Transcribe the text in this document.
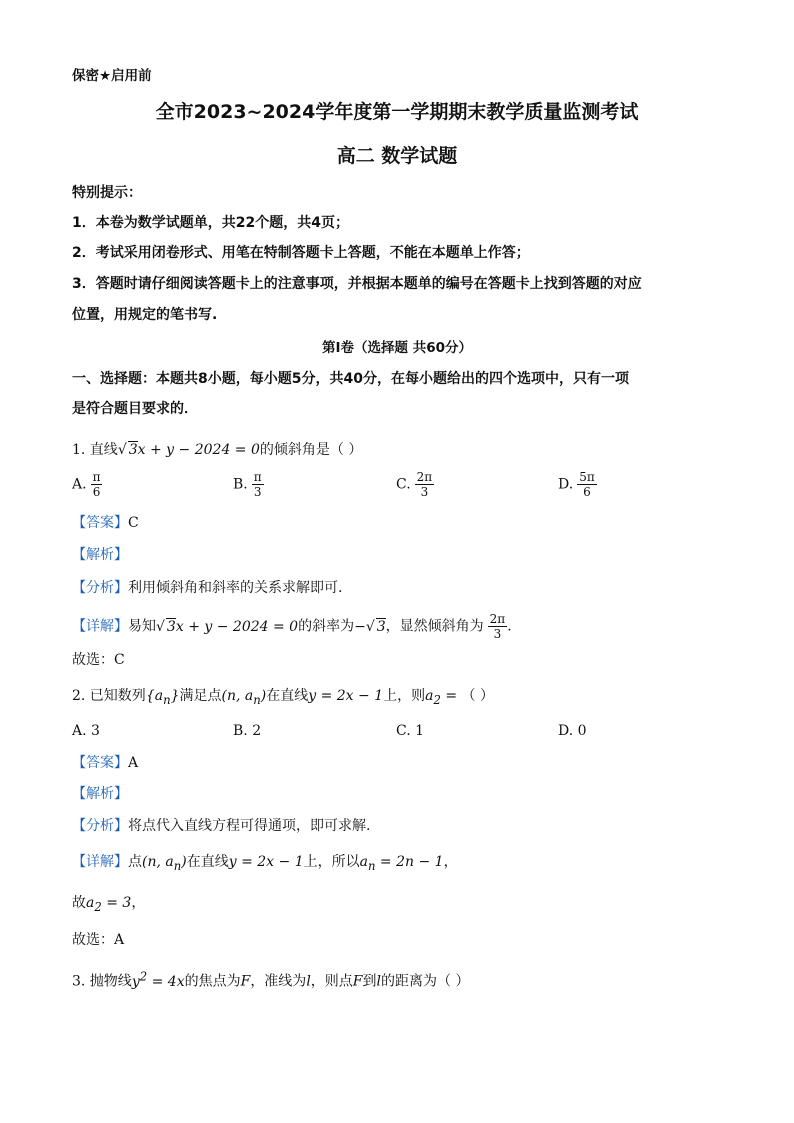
保密★启用前
全市2023~2024学年度第一学期期末教学质量监测考试
高二 数学试题
特别提示：
1．本卷为数学试题单，共22个题，共4页；
2．考试采用闭卷形式、用笔在特制答题卡上答题，不能在本题单上作答；
3．答题时请仔细阅读答题卡上的注意事项，并根据本题单的编号在答题卡上找到答题的对应
位置，用规定的笔书写.
第Ⅰ卷（选择题 共60分）
一、选择题：本题共8小题，每小题5分，共40分，在每小题给出的四个选项中，只有一项
是符合题目要求的．
1. 直线√ 3x + y − 2024 = 0的倾斜角是（ ）
A. $\frac{\pi}{6}$	B. $\frac{\pi}{3}$	C. $\frac{2\pi}{3}$	D. $\frac{5\pi}{6}$
【答案】C
【解析】
【分析】利用倾斜角和斜率的关系求解即可.
【详解】易知√ 3x + y − 2024 = 0的斜率为−√ 3，显然倾斜角为 $\frac{2\pi}{3}$ .
故选：C
2. 已知数列$\{a_n\}$满足点(n, $a_n$)在直线y = 2x − 1上，则$a_2$ = （ ）
A. 3	B. 2	C. 1	D. 0
【答案】A
【解析】
【分析】将点代入直线方程可得通项，即可求解.
【详解】点(n, $a_n$)在直线y = 2x − 1上，所以$a_n = 2n - 1$，
故$a_2 = 3$，
故选：A
3. 抛物线$y^2 = 4x$的焦点为F，准线为l，则点F到l的距离为（ ）
